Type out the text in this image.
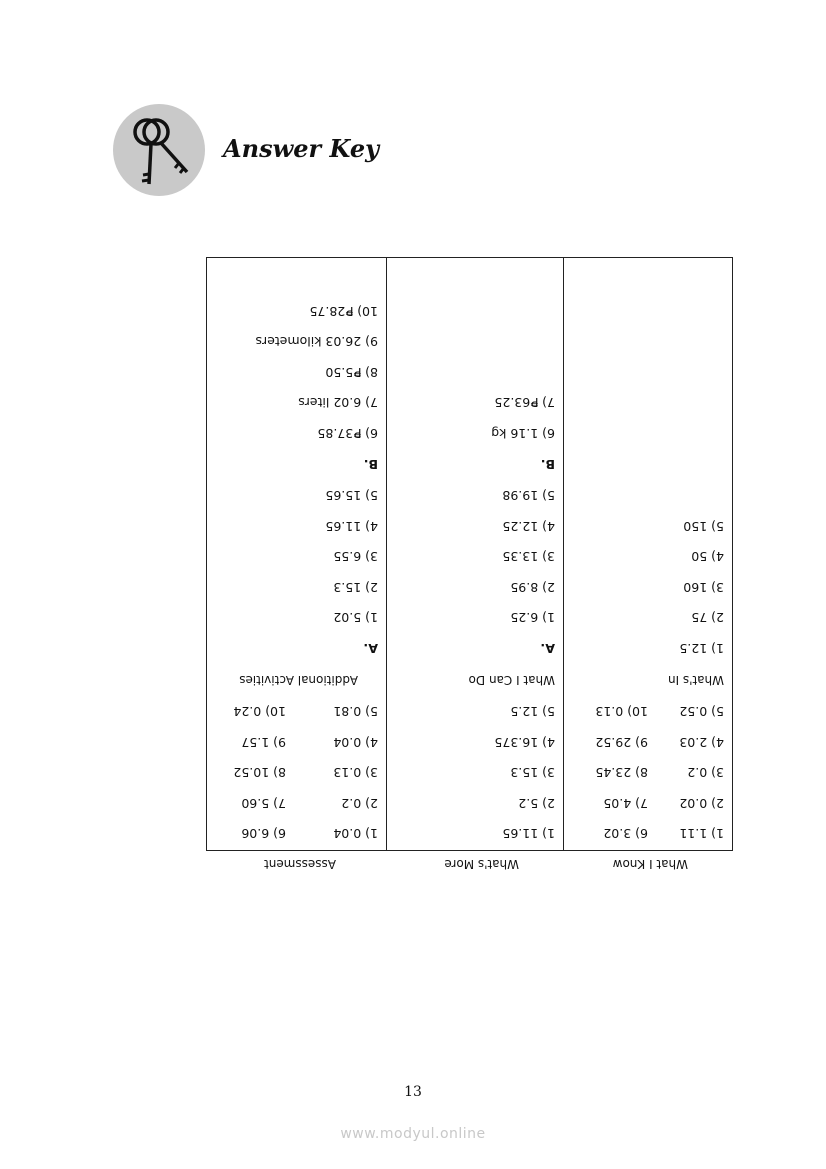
Answer Key
Assessment
1) 0.04
6) 6.06
2) 0.2
7) 5.60
3) 0.13
8) 10.52
4) 0.04
9) 1.57
5) 0.81
10) 0.24
Additional Activities
A.
1) 5.02
2) 15.3
3) 6.55
4) 11.65
5) 15.65
B.
6) ₱37.85
7) 6.02 liters
8) ₱5.50
9) 26.03 kilometers
10) ₱28.75
What's More
1) 11.65
2) 5.2
3) 15.3
4) 16.375
5) 12.5
What I Can Do
A.
1) 6.25
2) 8.95
3) 13.35
4) 12.25
5) 19.98
B.
6) 1.16 kg
7) ₱63.25
What I Know
1) 1.11
6) 3.02
2) 0.02
7) 4.05
3) 0.2
8) 23.45
4) 2.03
9) 29.52
5) 0.52
10) 0.13
What's In
1) 12.5
2) 75
3) 160
4) 50
5) 150
13
www.modyul.online
